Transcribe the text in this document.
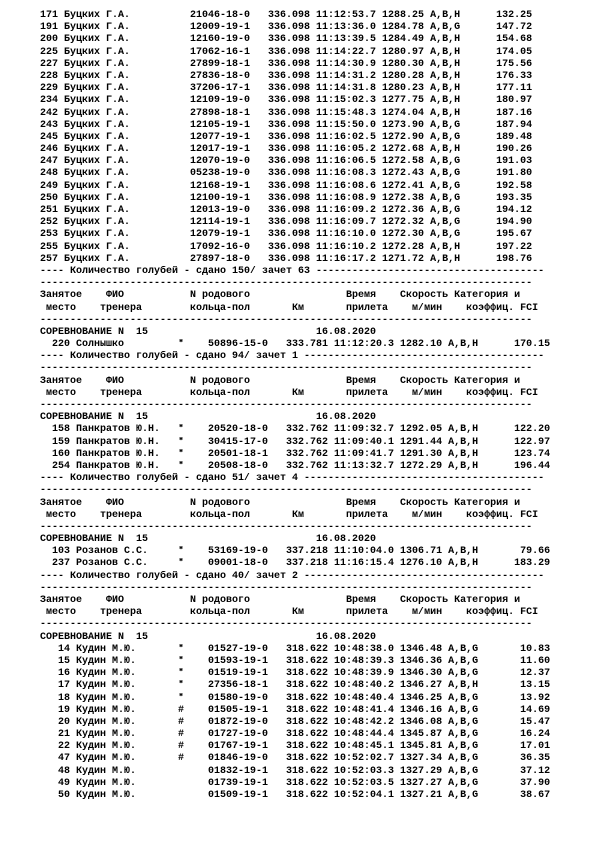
171 Буцких Г.А.          21046-18-0   336.098 11:12:53.7 1288.25 A,B,H      132.25
191 Буцких Г.А.          12009-19-1   336.098 11:13:36.0 1284.78 A,B,G      147.72
200 Буцких Г.А.          12160-19-0   336.098 11:13:39.5 1284.49 A,B,H      154.68
225 Буцких Г.А.          17062-16-1   336.098 11:14:22.7 1280.97 A,B,H      174.05
227 Буцких Г.А.          27899-18-1   336.098 11:14:30.9 1280.30 A,B,H      175.56
228 Буцких Г.А.          27836-18-0   336.098 11:14:31.2 1280.28 A,B,H      176.33
229 Буцких Г.А.          37206-17-1   336.098 11:14:31.8 1280.23 A,B,H      177.11
234 Буцких Г.А.          12109-19-0   336.098 11:15:02.3 1277.75 A,B,H      180.97
242 Буцких Г.А.          27898-18-1   336.098 11:15:48.3 1274.04 A,B,H      187.16
243 Буцких Г.А.          12105-19-1   336.098 11:15:50.0 1273.90 A,B,G      187.94
245 Буцких Г.А.          12077-19-1   336.098 11:16:02.5 1272.90 A,B,G      189.48
246 Буцких Г.А.          12017-19-1   336.098 11:16:05.2 1272.68 A,B,H      190.26
247 Буцких Г.А.          12070-19-0   336.098 11:16:06.5 1272.58 A,B,G      191.03
248 Буцких Г.А.          05238-19-0   336.098 11:16:08.3 1272.43 A,B,G      191.80
249 Буцких Г.А.          12168-19-1   336.098 11:16:08.6 1272.41 A,B,G      192.58
250 Буцких Г.А.          12100-19-1   336.098 11:16:08.9 1272.38 A,B,G      193.35
251 Буцких Г.А.          12013-19-0   336.098 11:16:09.2 1272.36 A,B,G      194.12
252 Буцких Г.А.          12114-19-1   336.098 11:16:09.7 1272.32 A,B,G      194.90
253 Буцких Г.А.          12079-19-1   336.098 11:16:10.0 1272.30 A,B,G      195.67
255 Буцких Г.А.          17092-16-0   336.098 11:16:10.2 1272.28 A,B,H      197.22
257 Буцких Г.А.          27897-18-0   336.098 11:16:17.2 1271.72 A,B,H      198.76
---- Количество голубей - сдано 150/ зачет 63 --------------------------------------
----------------------------------------------------------------------------------
Занятое    ФИО           N родового                Время    Скорость Категория и
место    тренера        кольца-пол       Км       прилета    м/мин    коэффиц. FCI
----------------------------------------------------------------------------------
СОРЕВНОВАНИЕ N  15                            16.08.2020
220 Солнышко         *    50896-15-0   333.781 11:12:20.3 1282.10 A,B,H      170.15
---- Количество голубей - сдано 94/ зачет 1 ----------------------------------------
----------------------------------------------------------------------------------
Занятое    ФИО           N родового                Время    Скорость Категория и
место    тренера        кольца-пол       Км       прилета    м/мин    коэффиц. FCI
----------------------------------------------------------------------------------
СОРЕВНОВАНИЕ N  15                            16.08.2020
158 Панкратов Ю.Н.   *    20520-18-0   332.762 11:09:32.7 1292.05 A,B,H      122.20
159 Панкратов Ю.Н.   *    30415-17-0   332.762 11:09:40.1 1291.44 A,B,H      122.97
160 Панкратов Ю.Н.   *    20501-18-1   332.762 11:09:41.7 1291.30 A,B,H      123.74
254 Панкратов Ю.Н.   *    20508-18-0   332.762 11:13:32.7 1272.29 A,B,H      196.44
---- Количество голубей - сдано 51/ зачет 4 ----------------------------------------
----------------------------------------------------------------------------------
Занятое    ФИО           N родового                Время    Скорость Категория и
место    тренера        кольца-пол       Км       прилета    м/мин    коэффиц. FCI
----------------------------------------------------------------------------------
СОРЕВНОВАНИЕ N  15                            16.08.2020
103 Розанов С.С.     *    53169-19-0   337.218 11:10:04.0 1306.71 A,B,H       79.66
237 Розанов С.С.     *    09001-18-0   337.218 11:16:15.4 1276.10 A,B,H      183.29
---- Количество голубей - сдано 40/ зачет 2 ----------------------------------------
----------------------------------------------------------------------------------
Занятое    ФИО           N родового                Время    Скорость Категория и
место    тренера        кольца-пол       Км       прилета    м/мин    коэффиц. FCI
----------------------------------------------------------------------------------
СОРЕВНОВАНИЕ N  15                            16.08.2020
14 Кудин М.Ю.       *    01527-19-0   318.622 10:48:38.0 1346.48 A,B,G       10.83
15 Кудин М.Ю.       *    01593-19-1   318.622 10:48:39.3 1346.36 A,B,G       11.60
16 Кудин М.Ю.       *    01519-19-1   318.622 10:48:39.9 1346.30 A,B,G       12.37
17 Кудин М.Ю.       *    27356-18-1   318.622 10:48:40.2 1346.27 A,B,H       13.15
18 Кудин М.Ю.       *    01580-19-0   318.622 10:48:40.4 1346.25 A,B,G       13.92
19 Кудин М.Ю.       #    01505-19-1   318.622 10:48:41.4 1346.16 A,B,G       14.69
20 Кудин М.Ю.       #    01872-19-0   318.622 10:48:42.2 1346.08 A,B,G       15.47
21 Кудин М.Ю.       #    01727-19-0   318.622 10:48:44.4 1345.87 A,B,G       16.24
22 Кудин М.Ю.       #    01767-19-1   318.622 10:48:45.1 1345.81 A,B,G       17.01
47 Кудин М.Ю.       #    01846-19-0   318.622 10:52:02.7 1327.34 A,B,G       36.35
48 Кудин М.Ю.            01832-19-1   318.622 10:52:03.3 1327.29 A,B,G       37.12
49 Кудин М.Ю.            01739-19-1   318.622 10:52:03.5 1327.27 A,B,G       37.90
50 Кудин М.Ю.            01509-19-1   318.622 10:52:04.1 1327.21 A,B,G       38.67
